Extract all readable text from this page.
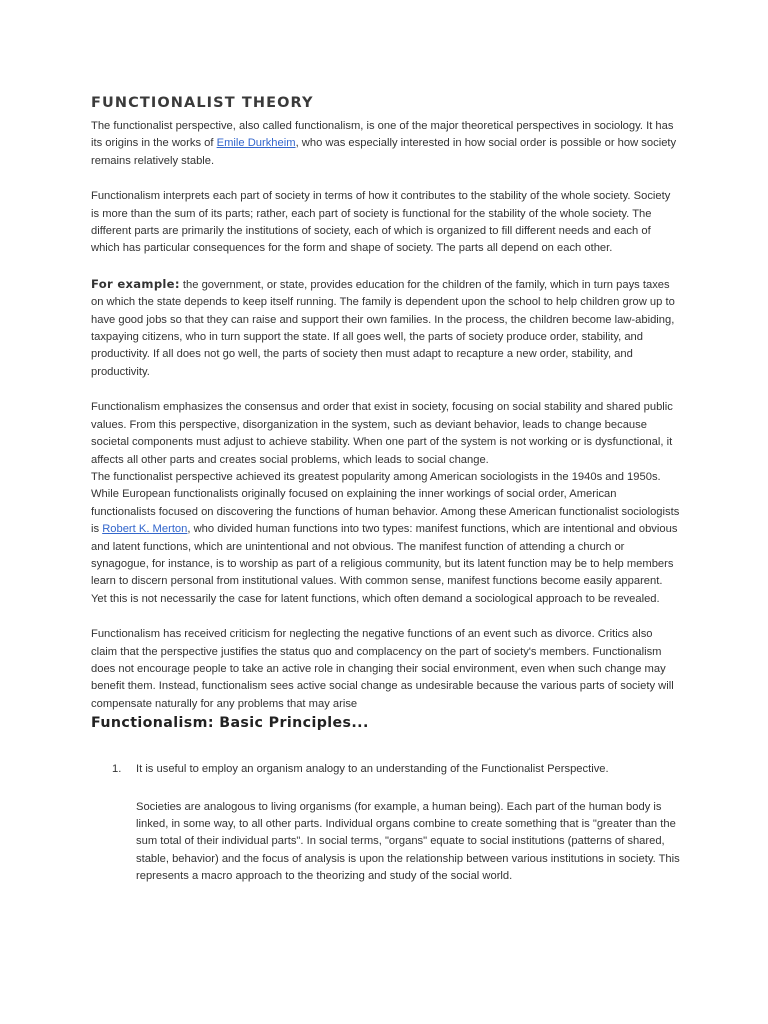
FUNCTIONALIST THEORY

The functionalist perspective, also called functionalism, is one of the major theoretical perspectives in sociology. It has its origins in the works of Emile Durkheim, who was especially interested in how social order is possible or how society remains relatively stable.

Functionalism interprets each part of society in terms of how it contributes to the stability of the whole society. Society is more than the sum of its parts; rather, each part of society is functional for the stability of the whole society. The different parts are primarily the institutions of society, each of which is organized to fill different needs and each of which has particular consequences for the form and shape of society. The parts all depend on each other.

For example: the government, or state, provides education for the children of the family, which in turn pays taxes on which the state depends to keep itself running. The family is dependent upon the school to help children grow up to have good jobs so that they can raise and support their own families. In the process, the children become law-abiding, taxpaying citizens, who in turn support the state. If all goes well, the parts of society produce order, stability, and productivity. If all does not go well, the parts of society then must adapt to recapture a new order, stability, and productivity.

Functionalism emphasizes the consensus and order that exist in society, focusing on social stability and shared public values. From this perspective, disorganization in the system, such as deviant behavior, leads to change because societal components must adjust to achieve stability. When one part of the system is not working or is dysfunctional, it affects all other parts and creates social problems, which leads to social change.

The functionalist perspective achieved its greatest popularity among American sociologists in the 1940s and 1950s. While European functionalists originally focused on explaining the inner workings of social order, American functionalists focused on discovering the functions of human behavior. Among these American functionalist sociologists is Robert K. Merton, who divided human functions into two types: manifest functions, which are intentional and obvious and latent functions, which are unintentional and not obvious. The manifest function of attending a church or synagogue, for instance, is to worship as part of a religious community, but its latent function may be to help members learn to discern personal from institutional values. With common sense, manifest functions become easily apparent. Yet this is not necessarily the case for latent functions, which often demand a sociological approach to be revealed.

Functionalism has received criticism for neglecting the negative functions of an event such as divorce. Critics also claim that the perspective justifies the status quo and complacency on the part of society's members. Functionalism does not encourage people to take an active role in changing their social environment, even when such change may benefit them. Instead, functionalism sees active social change as undesirable because the various parts of society will compensate naturally for any problems that may arise

Functionalism: Basic Principles...
1. It is useful to employ an organism analogy to an understanding of the Functionalist Perspective.

Societies are analogous to living organisms (for example, a human being). Each part of the human body is linked, in some way, to all other parts. Individual organs combine to create something that is "greater than the sum total of their individual parts". In social terms, "organs" equate to social institutions (patterns of shared, stable, behavior) and the focus of analysis is upon the relationship between various institutions in society. This represents a macro approach to the theorizing and study of the social world.
